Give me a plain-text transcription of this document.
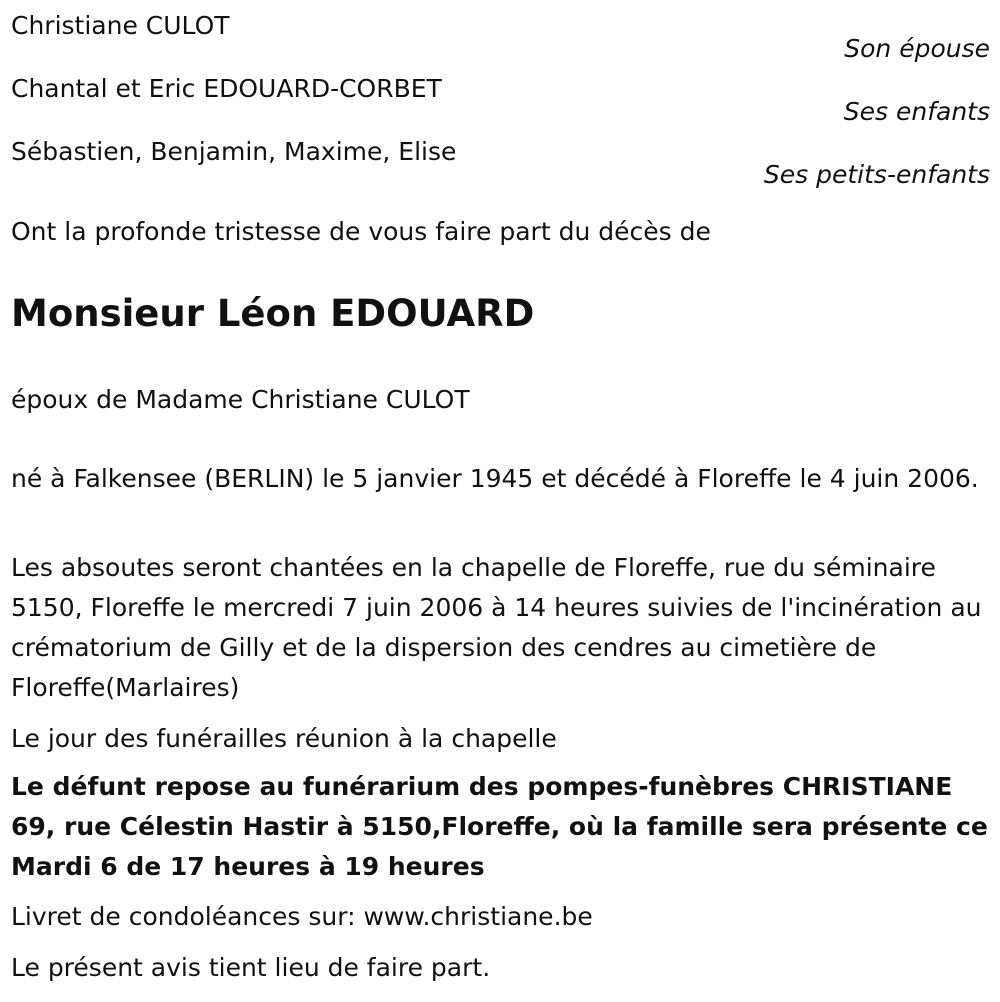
Christiane CULOT
Son épouse
Chantal et Eric EDOUARD-CORBET
Ses enfants
Sébastien, Benjamin, Maxime, Elise
Ses petits-enfants
Ont la profonde tristesse de vous faire part du décès de
Monsieur Léon EDOUARD
époux de Madame Christiane CULOT
né à Falkensee (BERLIN) le 5 janvier 1945 et décédé à Floreffe le 4 juin 2006.
Les absoutes seront chantées en la chapelle de Floreffe, rue du séminaire 5150, Floreffe le mercredi 7 juin 2006 à 14 heures suivies de l'incinération au crématorium de Gilly et de la dispersion des cendres au cimetière de Floreffe(Marlaires)
Le jour des funérailles réunion à la chapelle
Le défunt repose au funérarium des pompes-funèbres CHRISTIANE 69, rue Célestin Hastir à 5150,Floreffe, où la famille sera présente ce Mardi 6 de 17 heures à 19 heures
Livret de condoléances sur: www.christiane.be
Le présent avis tient lieu de faire part.
